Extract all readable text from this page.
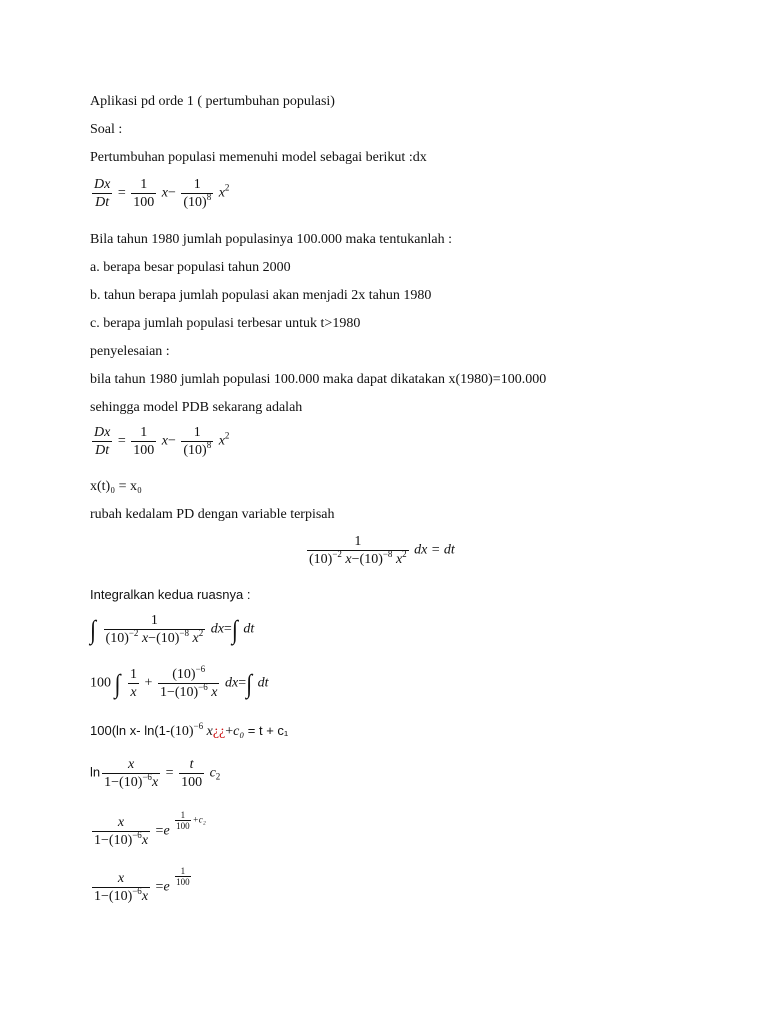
Aplikasi pd orde 1 ( pertumbuhan populasi)
Soal :
Pertumbuhan populasi memenuhi model sebagai berikut :dx
$\frac{Dx}{Dt} = \frac{1}{100} x- \frac{1}{(10)^8} x^2$
Bila tahun 1980 jumlah populasinya 100.000 maka tentukanlah :
a. berapa besar populasi tahun 2000
b. tahun berapa jumlah populasi akan menjadi 2x tahun 1980
c. berapa jumlah populasi terbesar untuk t>1980
penyelesaian :
bila tahun 1980 jumlah populasi 100.000 maka dapat dikatakan x(1980)=100.000
sehingga model PDB sekarang adalah
$\frac{Dx}{Dt} = \frac{1}{100} x- \frac{1}{(10)^8} x^2$
x(t)₀ = x₀
rubah kedalam PD dengan variable terpisah
$\frac{1}{(10)^{-2} x-(10)^{-8} x^2}$ dx = dt
Integralkan kedua ruasnya :
∫ $\frac{1}{(10)^{-2} x-(10)^{-8} x^2} dx=\int$ dt
100 ∫ $\frac{1}{x} + \frac{(10)^{-6}}{1-(10)^{-6} x} dx=\int$ dt
100(ln x- $\ln(1-(10)^{-6}$ x¿¿+c₀ = t + c₁
$\ln \frac{x}{1-(10)^{-6}x} = \frac{t}{100} c_2$
$\frac{x}{1-(10)^{-6}x} =e$
$\frac{1}{100} +c_2$
$\frac{x}{1-(10)^{-6}x} =e$
$\frac{1}{100}$
